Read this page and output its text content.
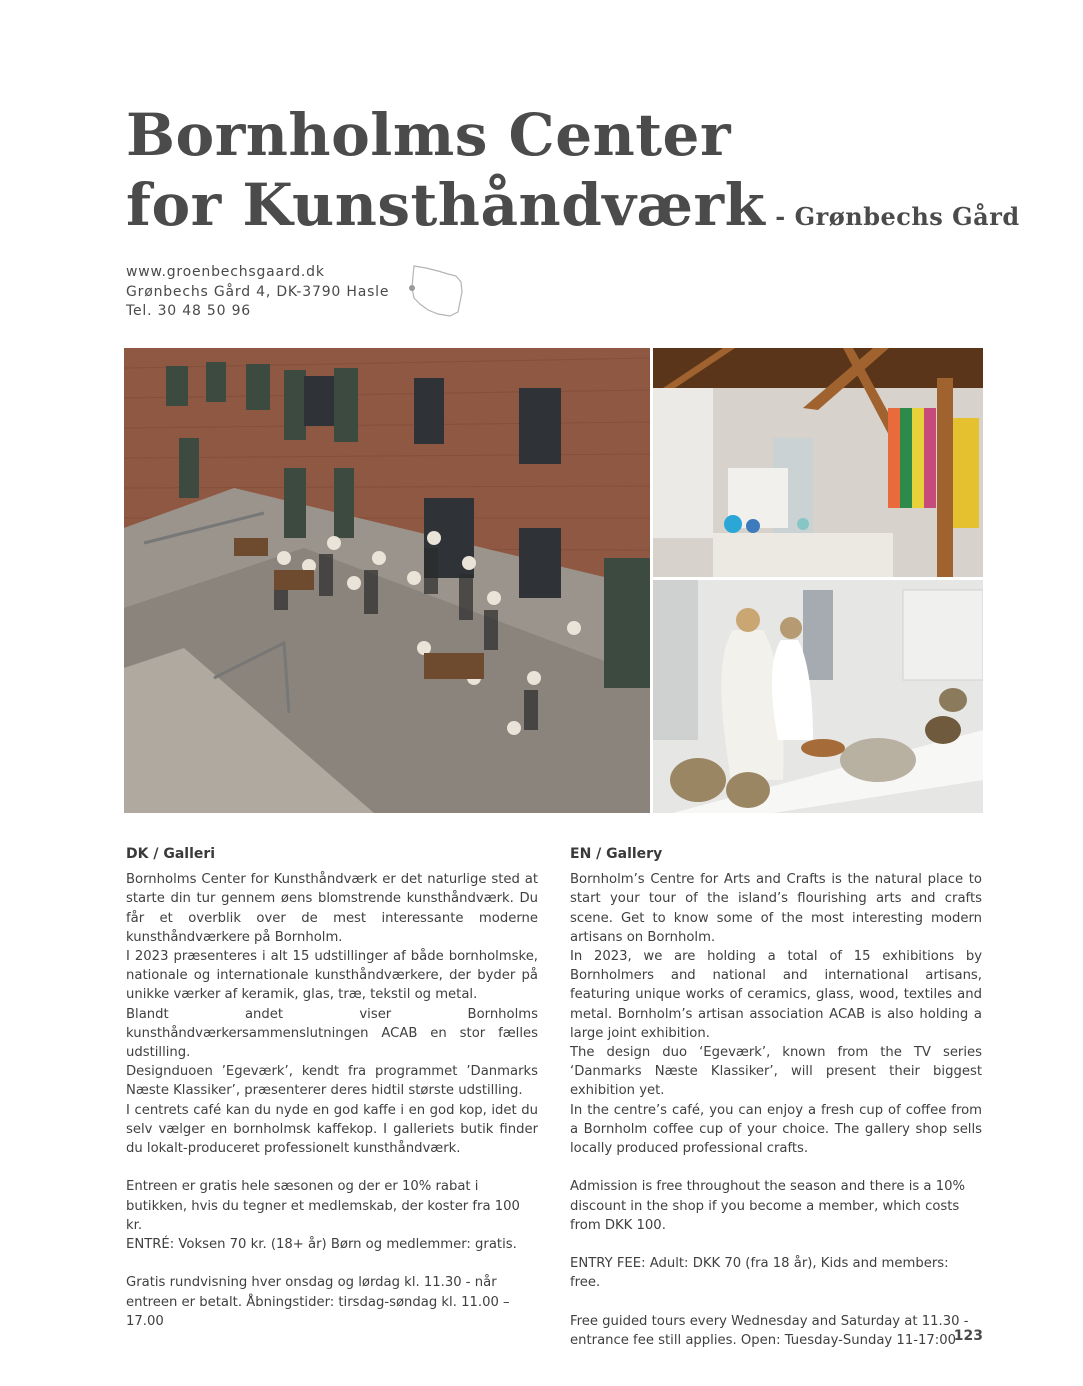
Bornholms Center
for Kunsthåndværk - Grønbechs Gård
www.groenbechsgaard.dk
Grønbechs Gård 4, DK-3790 Hasle
Tel. 30 48 50 96
DK / Galleri

Bornholms Center for Kunsthåndværk er det naturlige sted at starte din tur gennem øens blomstrende kunsthåndværk. Du får et overblik over de mest interessante moderne kunsthåndværkere på Bornholm.

I 2023 præsenteres i alt 15 udstillinger af både bornholmske, nationale og internationale kunsthåndværkere, der byder på unikke værker af keramik, glas, træ, tekstil og metal.

Blandt andet viser Bornholms kunsthåndværkersammenslutningen ACAB en stor fælles udstilling.

Designduoen ’Egeværk’, kendt fra programmet ’Danmarks Næste Klassiker’, præsenterer deres hidtil største udstilling.

I centrets café kan du nyde en god kaffe i en god kop, idet du selv vælger en bornholmsk kaffekop. I galleriets butik finder du lokalt-produceret professionelt kunsthåndværk.

Entreen er gratis hele sæsonen og der er 10% rabat i butikken, hvis du tegner et medlemskab, der koster fra 100 kr.

ENTRÉ: Voksen 70 kr. (18+ år) Børn og medlemmer: gratis.

Gratis rundvisning hver onsdag og lørdag kl. 11.30 - når entreen er betalt. Åbningstider: tirsdag-søndag kl. 11.00 – 17.00

EN / Gallery

Bornholm’s Centre for Arts and Crafts is the natural place to start your tour of the island’s flourishing arts and crafts scene. Get to know some of the most interesting modern artisans on Bornholm.

In 2023, we are holding a total of 15 exhibitions by Bornholmers and national and international artisans, featuring unique works of ceramics, glass, wood, textiles and metal. Bornholm’s artisan association ACAB is also holding a large joint exhibition.

The design duo ‘Egeværk’, known from the TV series ‘Danmarks Næste Klassiker’, will present their biggest exhibition yet.

In the centre’s café, you can enjoy a fresh cup of coffee from a Bornholm coffee cup of your choice. The gallery shop sells locally produced professional crafts.

Admission is free throughout the season and there is a 10% discount in the shop if you become a member, which costs from DKK 100.

ENTRY FEE: Adult: DKK 70 (fra 18 år), Kids and members: free.

Free guided tours every Wednesday and Saturday at 11.30 - entrance fee still applies. Open: Tuesday-Sunday 11-17:00

123
